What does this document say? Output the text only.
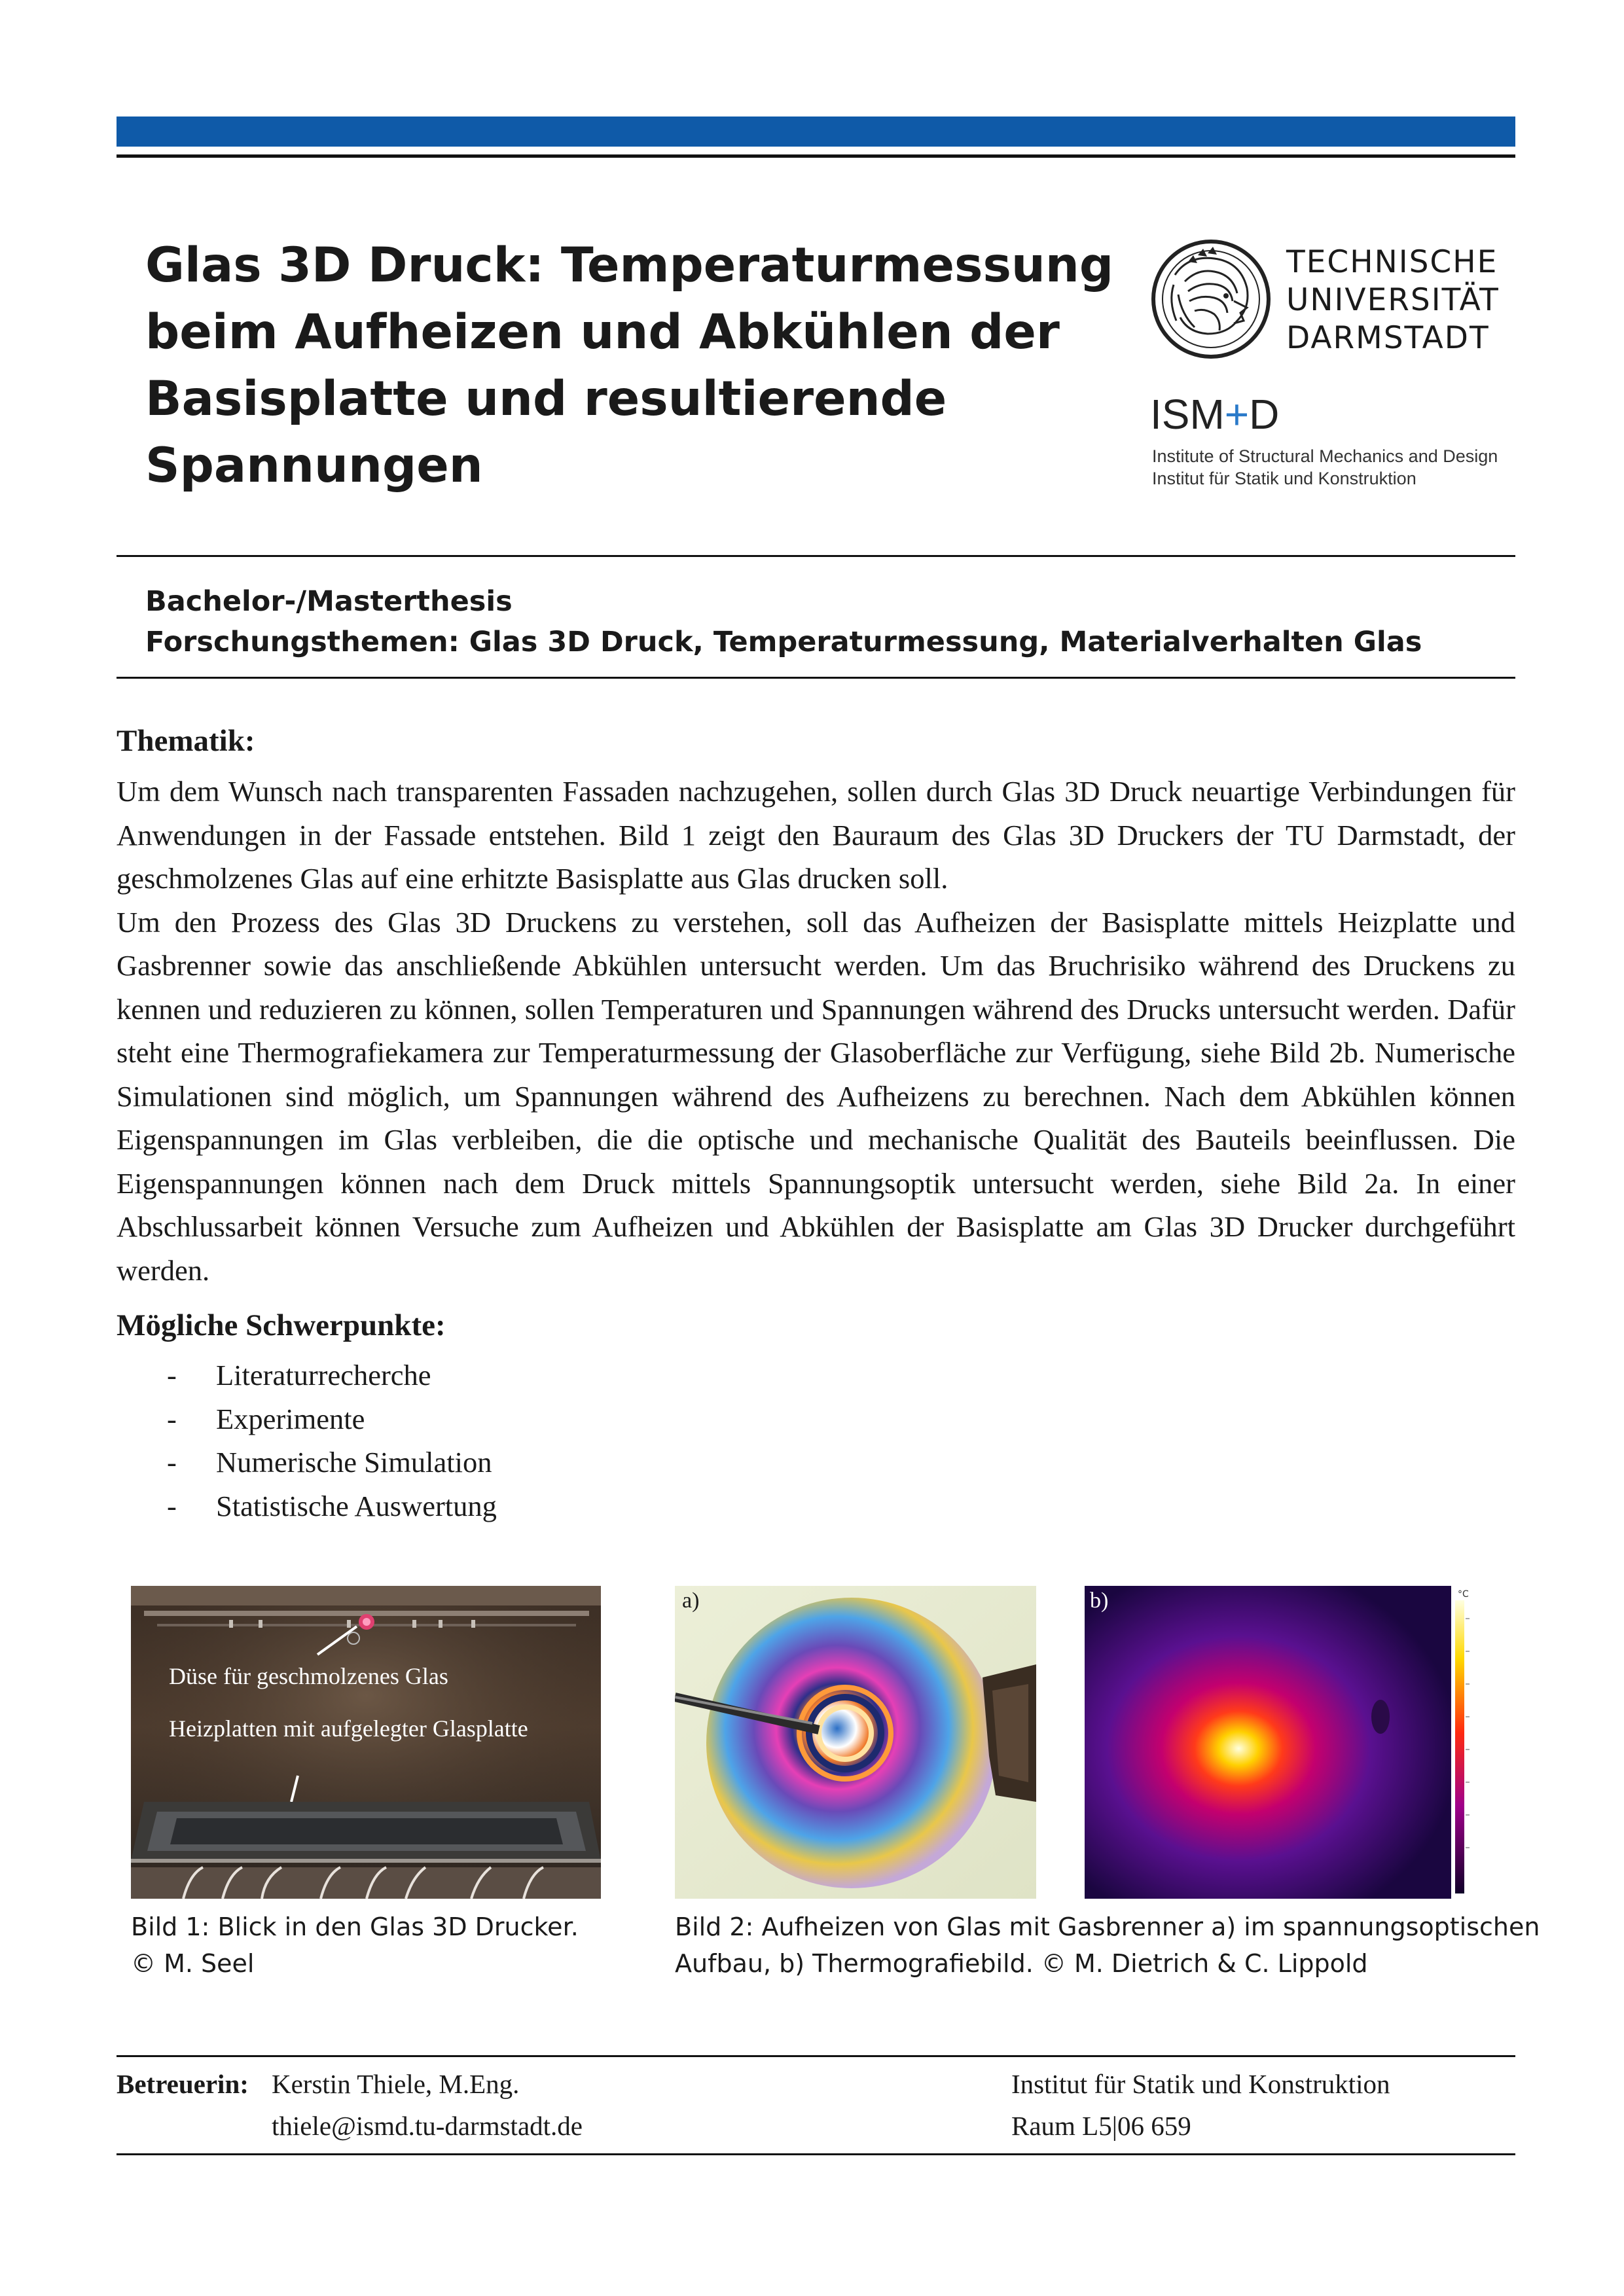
Glas 3D Druck: Temperaturmessung
beim Aufheizen und Abkühlen der
Basisplatte und resultierende
Spannungen
TECHNISCHE
UNIVERSITÄT
DARMSTADT
ISM+D
Institute of Structural Mechanics and Design
Institut für Statik und Konstruktion
Bachelor-/Masterthesis
Forschungsthemen: Glas 3D Druck, Temperaturmessung, Materialverhalten Glas
Thematik:

Um dem Wunsch nach transparenten Fassaden nachzugehen, sollen durch Glas 3D Druck neuartige Verbindungen für Anwendungen in der Fassade entstehen. Bild 1 zeigt den Bauraum des Glas 3D Druckers der TU Darmstadt, der geschmolzenes Glas auf eine erhitzte Basisplatte aus Glas drucken soll.

Um den Prozess des Glas 3D Druckens zu verstehen, soll das Aufheizen der Basisplatte mittels Heizplatte und Gasbrenner sowie das anschließende Abkühlen untersucht werden. Um das Bruchrisiko während des Druckens zu kennen und reduzieren zu können, sollen Temperaturen und Spannungen während des Drucks untersucht werden. Dafür steht eine Thermografiekamera zur Temperaturmessung der Glasoberfläche zur Verfügung, siehe Bild 2b. Numerische Simulationen sind möglich, um Spannungen während des Aufheizens zu berechnen. Nach dem Abkühlen können Eigenspannungen im Glas verbleiben, die die optische und mechanische Qualität des Bauteils beeinflussen. Die Eigenspannungen können nach dem Druck mittels Spannungsoptik untersucht werden, siehe Bild 2a. In einer Abschlussarbeit können Versuche zum Aufheizen und Abkühlen der Basisplatte am Glas 3D Drucker durchgeführt werden.

Mögliche Schwerpunkte:
-	Literaturrecherche
-	Experimente
-	Numerische Simulation
-	Statistische Auswertung
Düse für geschmolzenes Glas
Heizplatten mit aufgelegter Glasplatte
a)	°C
b)
Bild 1: Blick in den Glas 3D Drucker.
© M. Seel
Bild 2: Aufheizen von Glas mit Gasbrenner a) im spannungsoptischen
Aufbau, b) Thermografiebild. © M. Dietrich & C. Lippold
Betreuerin: Kerstin Thiele, M.Eng.
thiele@ismd.tu-darmstadt.de
Institut für Statik und Konstruktion
Raum L5|06 659
